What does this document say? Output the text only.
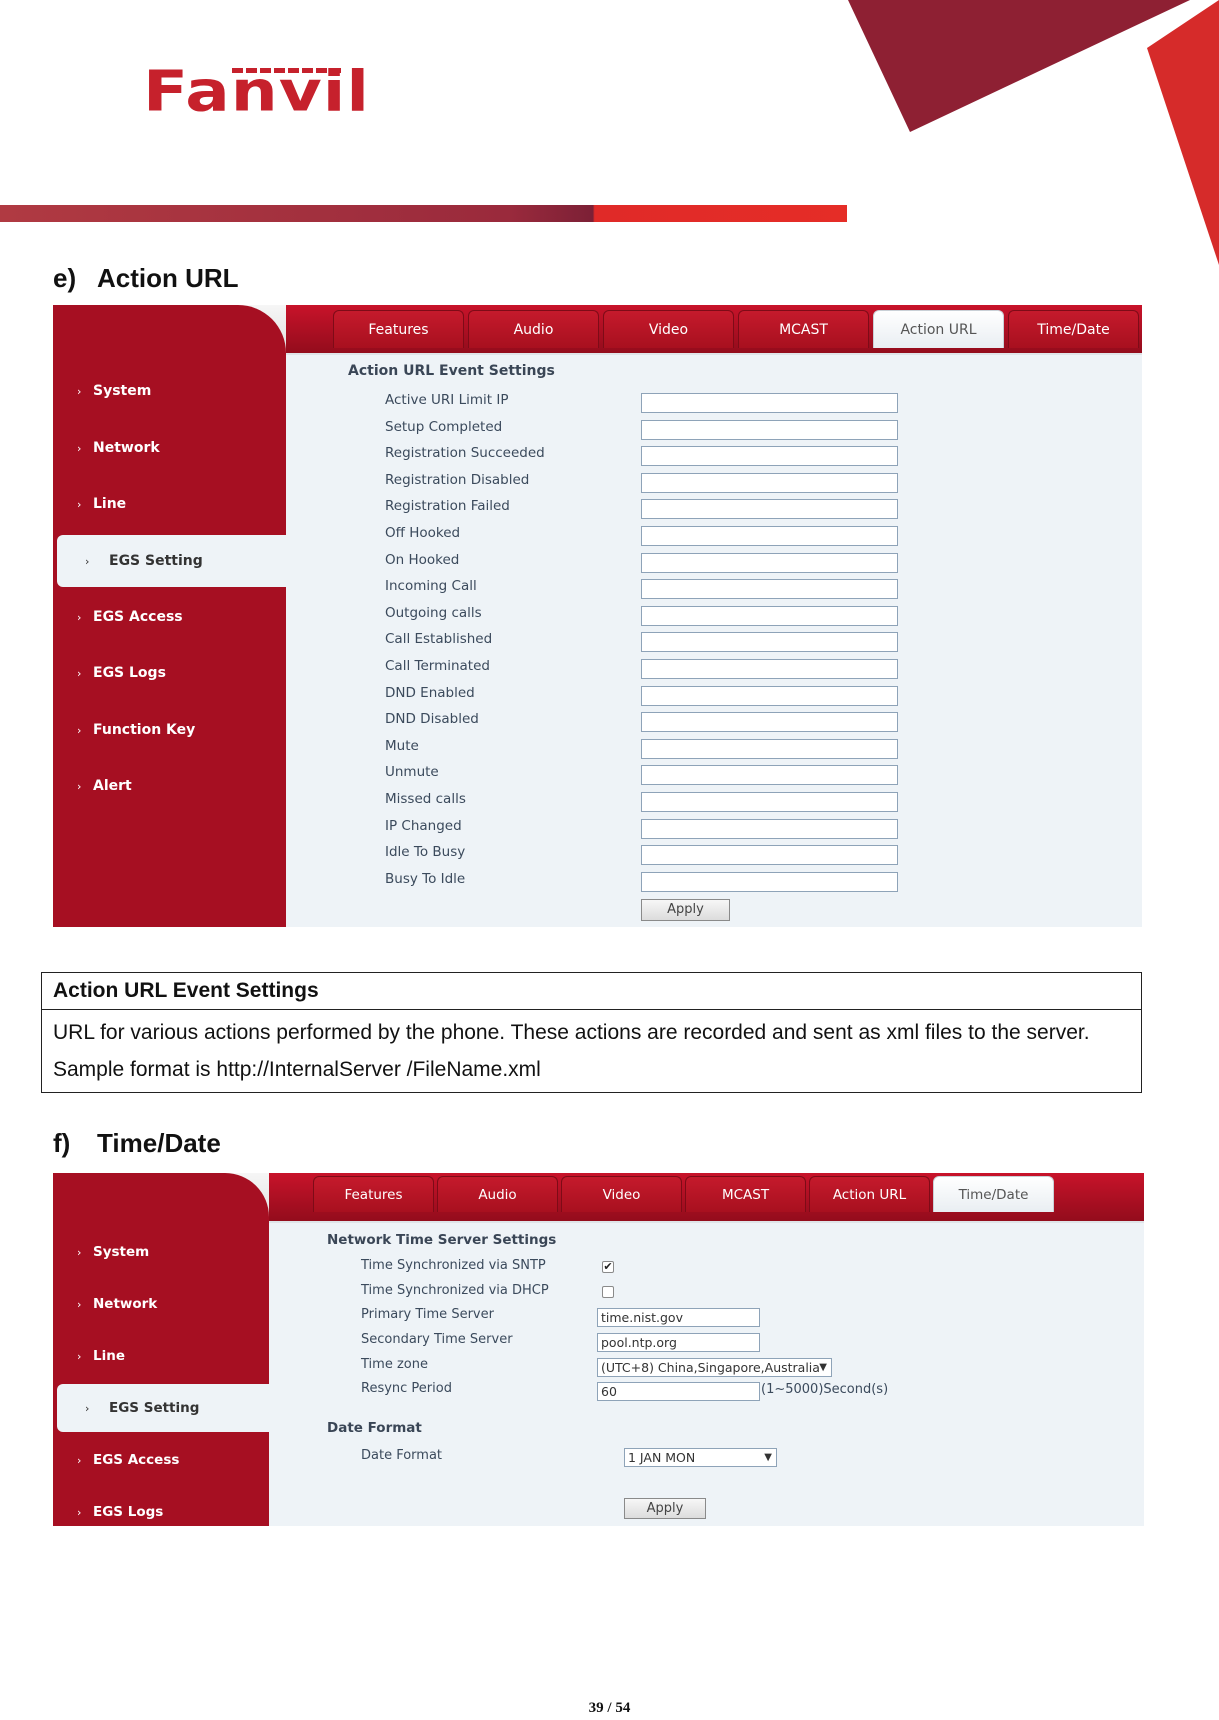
Fanvil
e) Action URL
› System
› Network
› Line
› EGS Setting
› EGS Access
› EGS Logs
› Function Key
› Alert
Features	Audio	Video	MCAST	Action URL	Time/Date
Action URL Event Settings
Active URI Limit IP
Setup Completed
Registration Succeeded
Registration Disabled
Registration Failed
Off Hooked
On Hooked
Incoming Call
Outgoing calls
Call Established
Call Terminated
DND Enabled
DND Disabled
Mute
Unmute
Missed calls
IP Changed
Idle To Busy
Busy To Idle
Apply
Action URL Event Settings
URL for various actions performed by the phone. These actions are recorded and sent as xml files to the server. Sample format is http://InternalServer /FileName.xml
f) Time/Date
› System
› Network
› Line
› EGS Setting
› EGS Access
› EGS Logs
Features	Audio	Video	MCAST	Action URL	Time/Date
Network Time Server Settings
Time Synchronized via SNTP	✔
Time Synchronized via DHCP
Primary Time Server	time.nist.gov
Secondary Time Server	pool.ntp.org
Time zone	(UTC+8) China,Singapore,Australia ▼
Resync Period	60	(1~5000)Second(s)
Date Format
Date Format	1 JAN MON	▼
Apply
39 / 54
